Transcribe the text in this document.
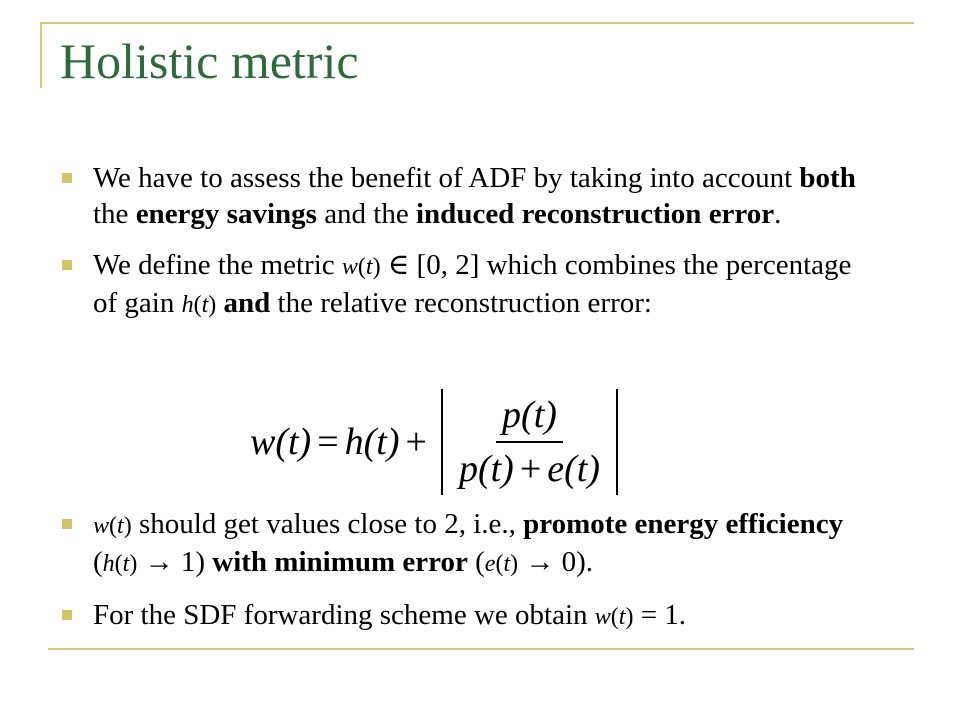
Holistic metric
We have to assess the benefit of ADF by taking into account both the energy savings and the induced reconstruction error.
We define the metric w(t) ∈ [0, 2] which combines the percentage of gain h(t) and the relative reconstruction error:
$w(t) = h(t) + \frac{p(t)}{p(t) + e(t)}$
w(t) should get values close to 2, i.e., promote energy efficiency (h(t) → 1) with minimum error (e(t) → 0).
For the SDF forwarding scheme we obtain w(t) = 1.
